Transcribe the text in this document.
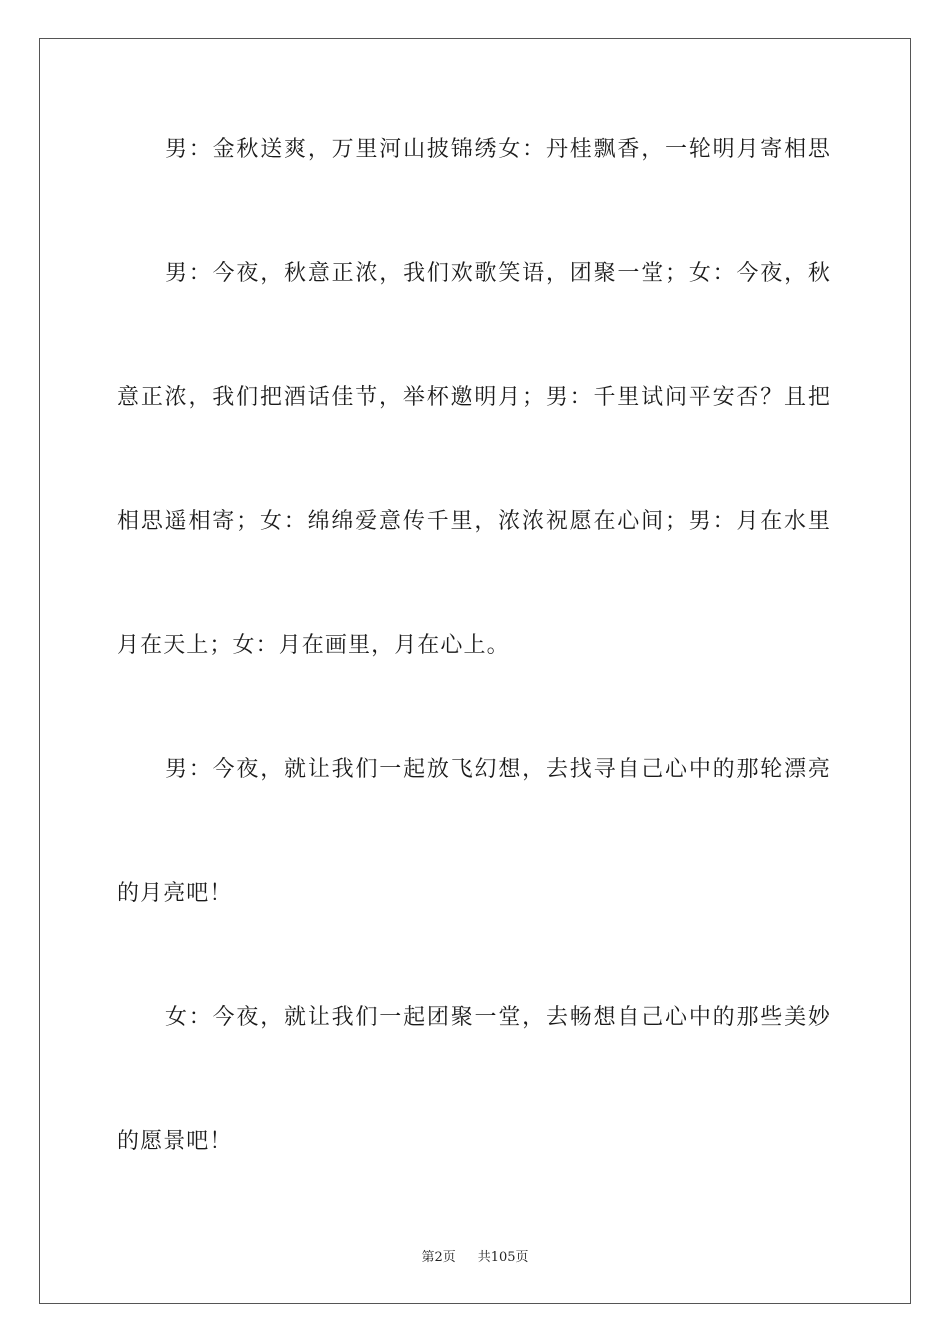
男：金秋送爽，万里河山披锦绣女：丹桂飘香，一轮明月寄相思
男：今夜，秋意正浓，我们欢歌笑语，团聚一堂；女：今夜，秋
意正浓，我们把酒话佳节，举杯邀明月；男：千里试问平安否？且把
相思遥相寄；女：绵绵爱意传千里，浓浓祝愿在心间；男：月在水里
月在天上；女：月在画里，月在心上。
男：今夜，就让我们一起放飞幻想，去找寻自己心中的那轮漂亮
的月亮吧！
女：今夜，就让我们一起团聚一堂，去畅想自己心中的那些美妙
的愿景吧！
第2页 共105页
